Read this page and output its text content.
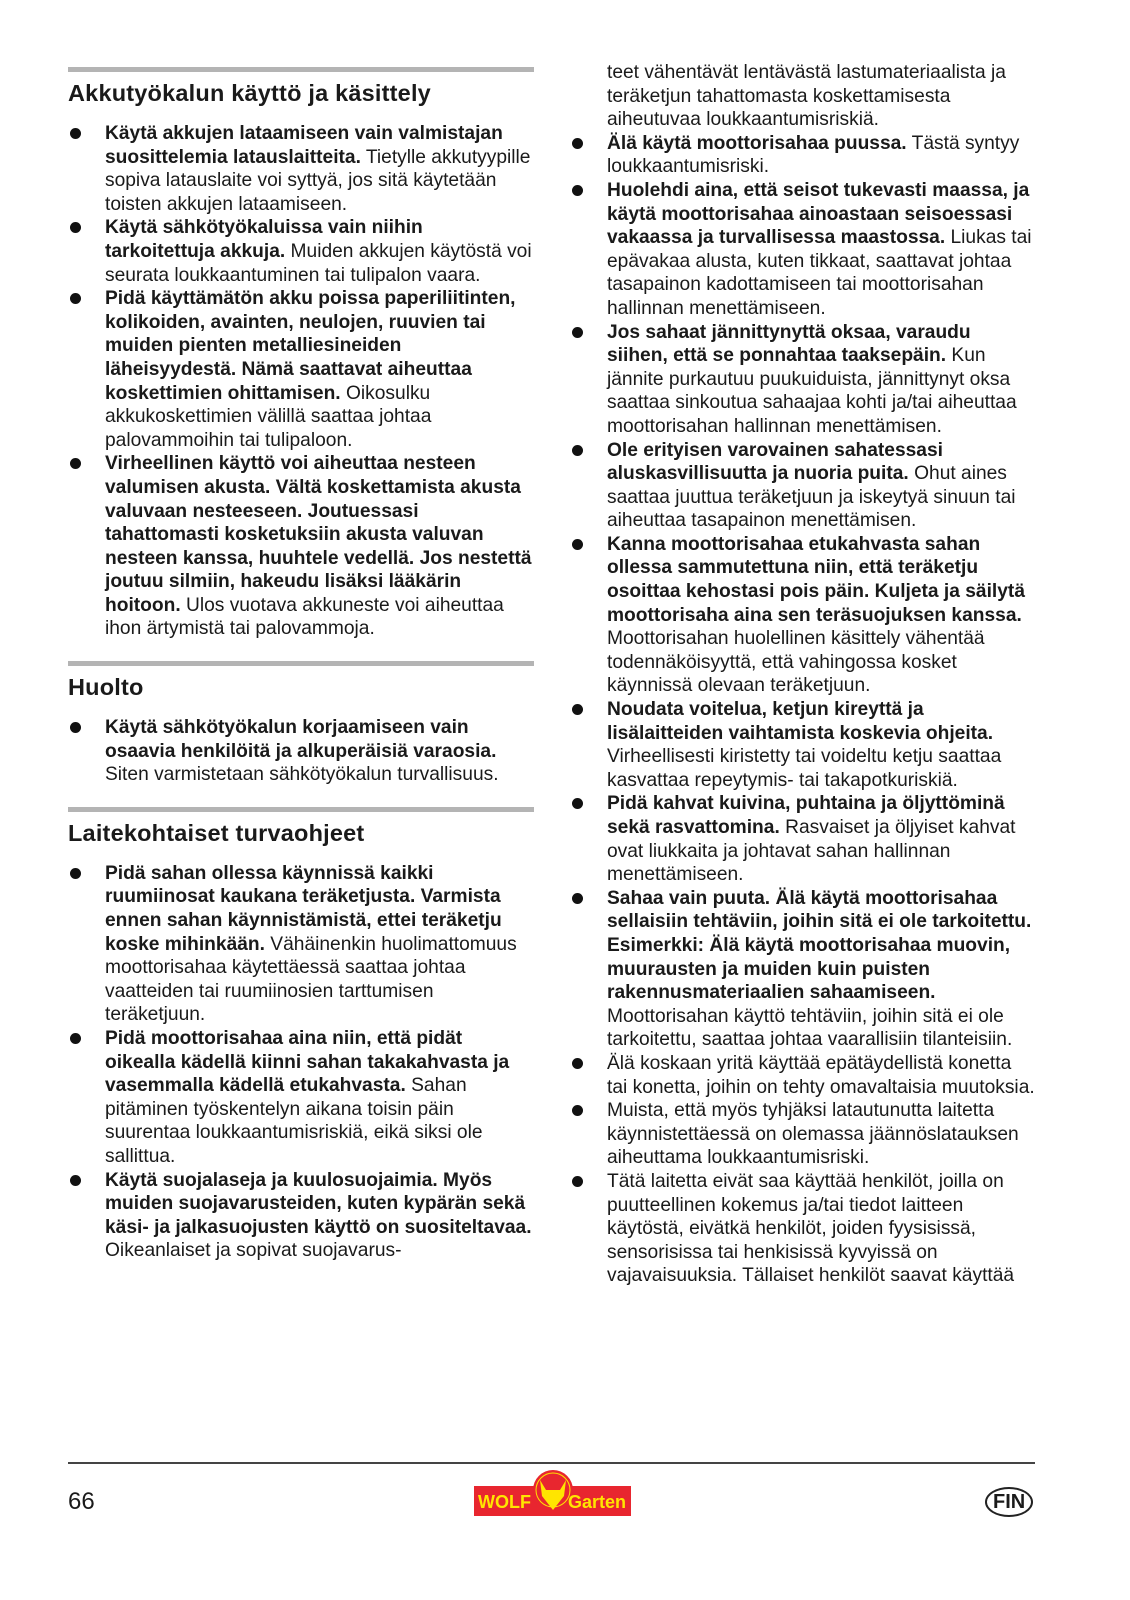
Akkutyökalun käyttö ja käsittely
Käytä akkujen lataamiseen vain valmistajan suosittelemia latauslaitteita. Tietylle akkutyypille sopiva latauslaite voi syttyä, jos sitä käytetään toisten akkujen lataamiseen.
Käytä sähkötyökaluissa vain niihin tarkoitettuja akkuja. Muiden akkujen käytöstä voi seurata loukkaantuminen tai tulipalon vaara.
Pidä käyttämätön akku poissa paperiliitinten, kolikoiden, avainten, neulojen, ruuvien tai muiden pienten metalliesineiden läheisyydestä. Nämä saattavat aiheuttaa koskettimien ohittamisen. Oikosulku akkukoskettimien välillä saattaa johtaa palovammoihin tai tulipaloon.
Virheellinen käyttö voi aiheuttaa nesteen valumisen akusta. Vältä koskettamista akusta valuvaan nesteeseen. Joutuessasi tahattomasti kosketuksiin akusta valuvan nesteen kanssa, huuhtele vedellä. Jos nestettä joutuu silmiin, hakeudu lisäksi lääkärin hoitoon. Ulos vuotava akkuneste voi aiheuttaa ihon ärtymistä tai palovammoja.
Huolto
Käytä sähkötyökalun korjaamiseen vain osaavia henkilöitä ja alkuperäisiä varaosia. Siten varmistetaan sähkötyökalun turvallisuus.
Laitekohtaiset turvaohjeet
Pidä sahan ollessa käynnissä kaikki ruumiinosat kaukana teräketjusta. Varmista ennen sahan käynnistämistä, ettei teräketju koske mihinkään. Vähäinenkin huolimattomuus moottorisahaa käytettäessä saattaa johtaa vaatteiden tai ruumiinosien tarttumisen teräketjuun.
Pidä moottorisahaa aina niin, että pidät oikealla kädellä kiinni sahan takakahvasta ja vasemmalla kädellä etukahvasta. Sahan pitäminen työskentelyn aikana toisin päin suurentaa loukkaantumisriskiä, eikä siksi ole sallittua.
Käytä suojalaseja ja kuulosuojaimia. Myös muiden suojavarusteiden, kuten kypärän sekä käsi- ja jalkasuojusten käyttö on suositeltavaa. Oikeanlaiset ja sopivat suojavarus-
teet vähentävät lentävästä lastumateriaalista ja teräketjun tahattomasta koskettamisesta aiheutuvaa loukkaantumisriskiä.
Älä käytä moottorisahaa puussa. Tästä syntyy loukkaantumisriski.
Huolehdi aina, että seisot tukevasti maassa, ja käytä moottorisahaa ainoastaan seisoessasi vakaassa ja turvallisessa maastossa. Liukas tai epävakaa alusta, kuten tikkaat, saattavat johtaa tasapainon kadottamiseen tai moottorisahan hallinnan menettämiseen.
Jos sahaat jännittynyttä oksaa, varaudu siihen, että se ponnahtaa taaksepäin. Kun jännite purkautuu puukuiduista, jännittynyt oksa saattaa sinkoutua sahaajaa kohti ja/tai aiheuttaa moottorisahan hallinnan menettämisen.
Ole erityisen varovainen sahatessasi aluskasvillisuutta ja nuoria puita. Ohut aines saattaa juuttua teräketjuun ja iskeytyä sinuun tai aiheuttaa tasapainon menettämisen.
Kanna moottorisahaa etukahvasta sahan ollessa sammutettuna niin, että teräketju osoittaa kehostasi pois päin. Kuljeta ja säilytä moottorisaha aina sen teräsuojuksen kanssa. Moottorisahan huolellinen käsittely vähentää todennäköisyyttä, että vahingossa kosket käynnissä olevaan teräketjuun.
Noudata voitelua, ketjun kireyttä ja lisälaitteiden vaihtamista koskevia ohjeita. Virheellisesti kiristetty tai voideltu ketju saattaa kasvattaa repeytymis- tai takapotkuriskiä.
Pidä kahvat kuivina, puhtaina ja öljyttöminä sekä rasvattomina. Rasvaiset ja öljyiset kahvat ovat liukkaita ja johtavat sahan hallinnan menettämiseen.
Sahaa vain puuta. Älä käytä moottorisahaa sellaisiin tehtäviin, joihin sitä ei ole tarkoitettu. Esimerkki: Älä käytä moottorisahaa muovin, muurausten ja muiden kuin puisten rakennusmateriaalien sahaamiseen. Moottorisahan käyttö tehtäviin, joihin sitä ei ole tarkoitettu, saattaa johtaa vaarallisiin tilanteisiin.
Älä koskaan yritä käyttää epätäydellistä konetta tai konetta, joihin on tehty omavaltaisia muutoksia.
Muista, että myös tyhjäksi latautunutta laitetta käynnistettäessä on olemassa jäännöslatauksen aiheuttama loukkaantumisriski.
Tätä laitetta eivät saa käyttää henkilöt, joilla on puutteellinen kokemus ja/tai tiedot laitteen käytöstä, eivätkä henkilöt, joiden fyysisissä, sensorisissa tai henkisissä kyvyissä on vajavaisuuksia. Tällaiset henkilöt saavat käyttää
66	WOLF Garten	FIN
